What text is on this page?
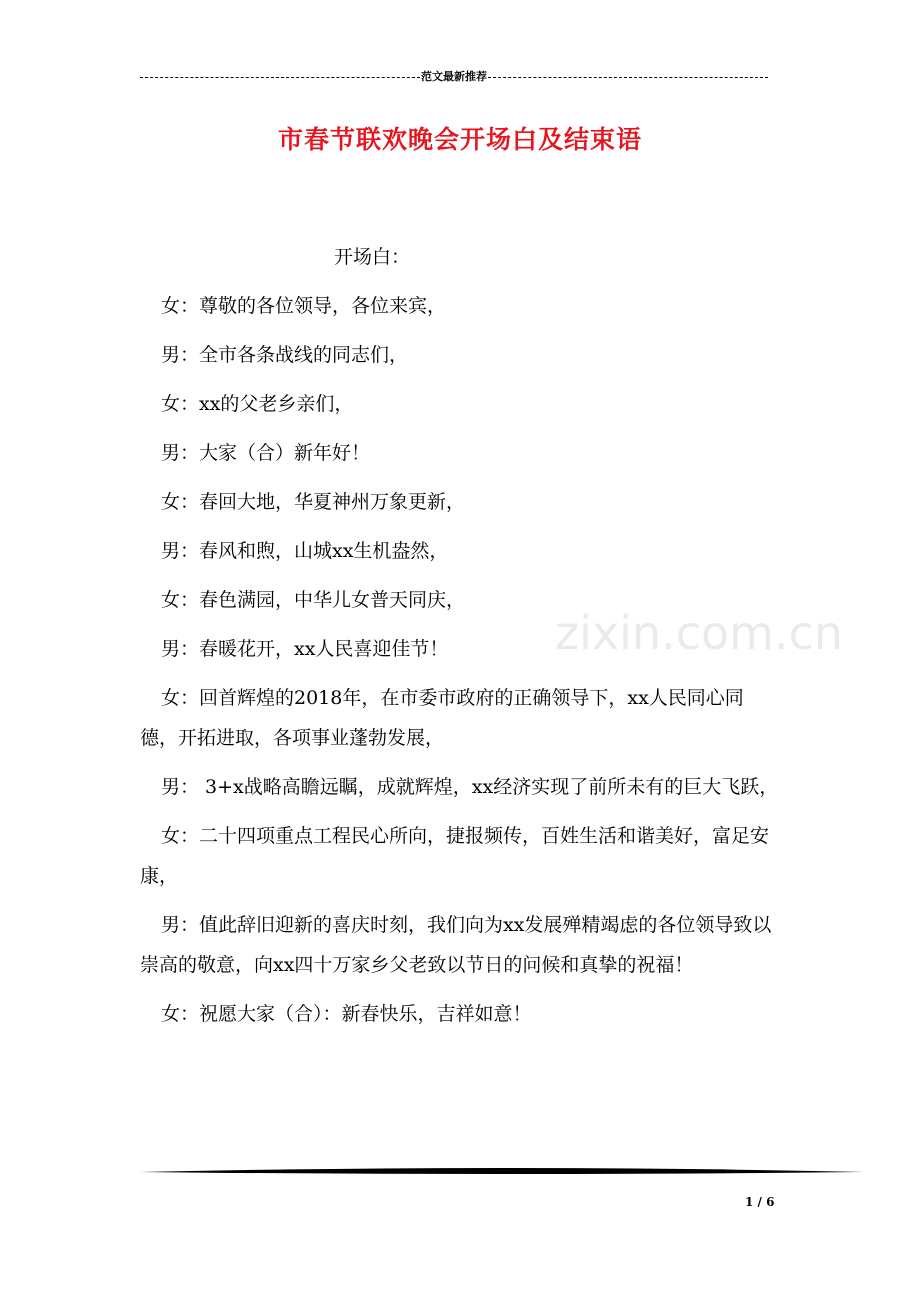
范文最新推荐
市春节联欢晚会开场白及结束语

开场白：

女：尊敬的各位领导，各位来宾，

男：全市各条战线的同志们，

女：xx的父老乡亲们，

男：大家（合）新年好！

女：春回大地，华夏神州万象更新，

男：春风和煦，山城xx生机盎然，

女：春色满园，中华儿女普天同庆，

男：春暖花开，xx人民喜迎佳节！

女：回首辉煌的2018年，在市委市政府的正确领导下，xx人民同心同德，开拓进取，各项事业蓬勃发展，

男： 3+x战略高瞻远瞩，成就辉煌，xx经济实现了前所未有的巨大飞跃，

女：二十四项重点工程民心所向，捷报频传，百姓生活和谐美好，富足安康，

男：值此辞旧迎新的喜庆时刻，我们向为xx发展殚精竭虑的各位领导致以崇高的敬意，向xx四十万家乡父老致以节日的问候和真挚的祝福！

女：祝愿大家（合）：新春快乐，吉祥如意！

zixin.com.cn
1 / 6
